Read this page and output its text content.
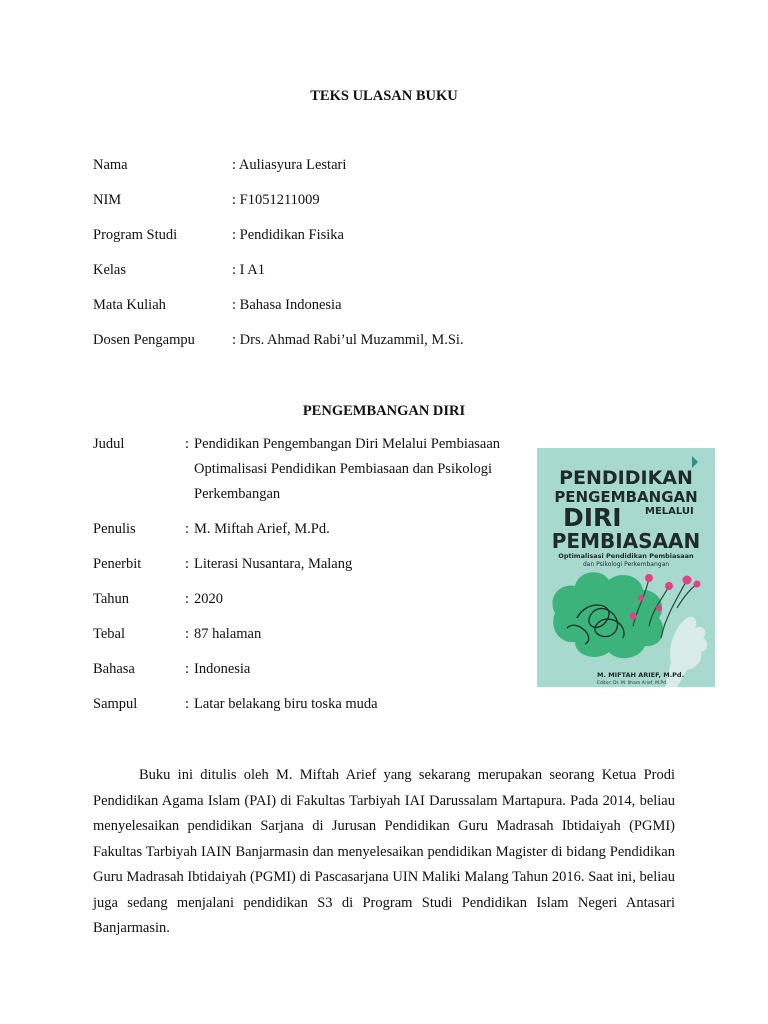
TEKS ULASAN BUKU
Nama	: Auliasyura Lestari
NIM	: F1051211009
Program Studi	: Pendidikan Fisika
Kelas	: I A1
Mata Kuliah	: Bahasa Indonesia
Dosen Pengampu	: Drs. Ahmad Rabi’ul Muzammil, M.Si.
PENGEMBANGAN DIRI
Judul	: Pendidikan Pengembangan Diri Melalui Pembiasaan
Optimalisasi Pendidikan Pembiasaan dan Psikologi
Perkembangan
Penulis	: M. Miftah Arief, M.Pd.
Penerbit	: Literasi Nusantara, Malang
Tahun	: 2020
Tebal	: 87 halaman
Bahasa	: Indonesia
Sampul	: Latar belakang biru toska muda
PENDIDIKAN
PENGEMBANGAN
DIRI MELALUI
PEMBIASAAN
Optimalisasi Pendidikan Pembiasaan
dan Psikologi Perkembangan
M. MIFTAH ARIEF, M.Pd.
Editor: Dr. M. Ilham Arief, M.Pd.
Buku ini ditulis oleh M. Miftah Arief yang sekarang merupakan seorang Ketua Prodi Pendidikan Agama Islam (PAI) di Fakultas Tarbiyah IAI Darussalam Martapura. Pada 2014, beliau menyelesaikan pendidikan Sarjana di Jurusan Pendidikan Guru Madrasah Ibtidaiyah (PGMI) Fakultas Tarbiyah IAIN Banjarmasin dan menyelesaikan pendidikan Magister di bidang Pendidikan Guru Madrasah Ibtidaiyah (PGMI) di Pascasarjana UIN Maliki Malang Tahun 2016. Saat ini, beliau juga sedang menjalani pendidikan S3 di Program Studi Pendidikan Islam Negeri Antasari Banjarmasin.
